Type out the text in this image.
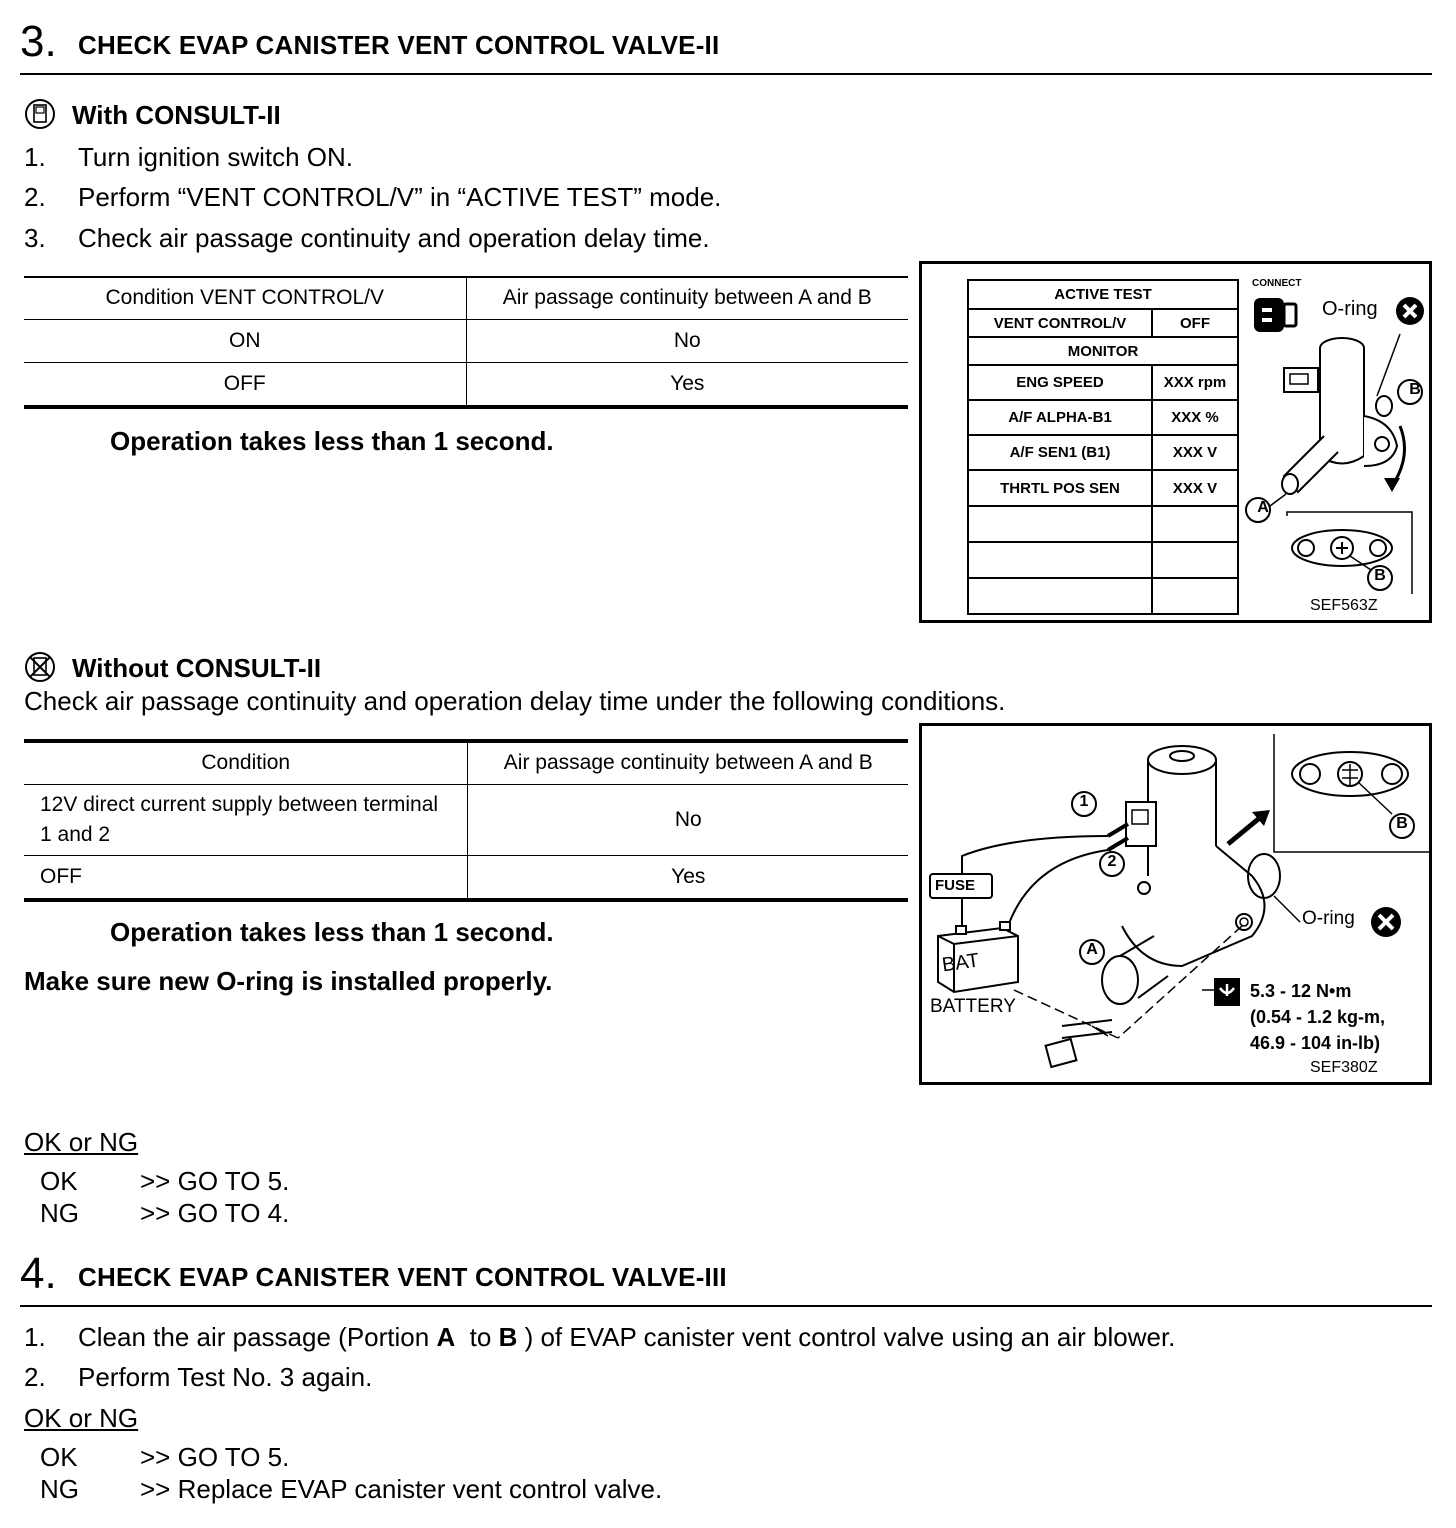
3. CHECK EVAP CANISTER VENT CONTROL VALVE-II
With CONSULT-II
1. Turn ignition switch ON.
2. Perform “VENT CONTROL/V” in “ACTIVE TEST” mode.
3. Check air passage continuity and operation delay time.
Condition VENT CONTROL/V	Air passage continuity between A and B
ON	No
OFF	Yes
Operation takes less than 1 second.
ACTIVE TEST	
VENT CONTROL/V	OFF
MONITOR	
ENG SPEED	XXX rpm
A/F ALPHA-B1	XXX %
A/F SEN1 (B1)	XXX V
THRTL POS SEN	XXX V

CONNECT
O-ring
B
A
B
SEF563Z
Without CONSULT-II
Check air passage continuity and operation delay time under the following conditions.
Condition	Air passage continuity between A and B
12V direct current supply between terminal 1 and 2	No
OFF	Yes
Operation takes less than 1 second.
Make sure new O-ring is installed properly.
1
2
FUSE
BAT
BATTERY
A
B
O-ring
5.3 - 12 N•m
(0.54 - 1.2 kg-m,
46.9 - 104 in-lb)
SEF380Z
OK or NG
OK >> GO TO 5.
NG >> GO TO 4.
4. CHECK EVAP CANISTER VENT CONTROL VALVE-III
1. Clean the air passage (Portion A  to B ) of EVAP canister vent control valve using an air blower.
2. Perform Test No. 3 again.
OK or NG
OK >> GO TO 5.
NG >> Replace EVAP canister vent control valve.
